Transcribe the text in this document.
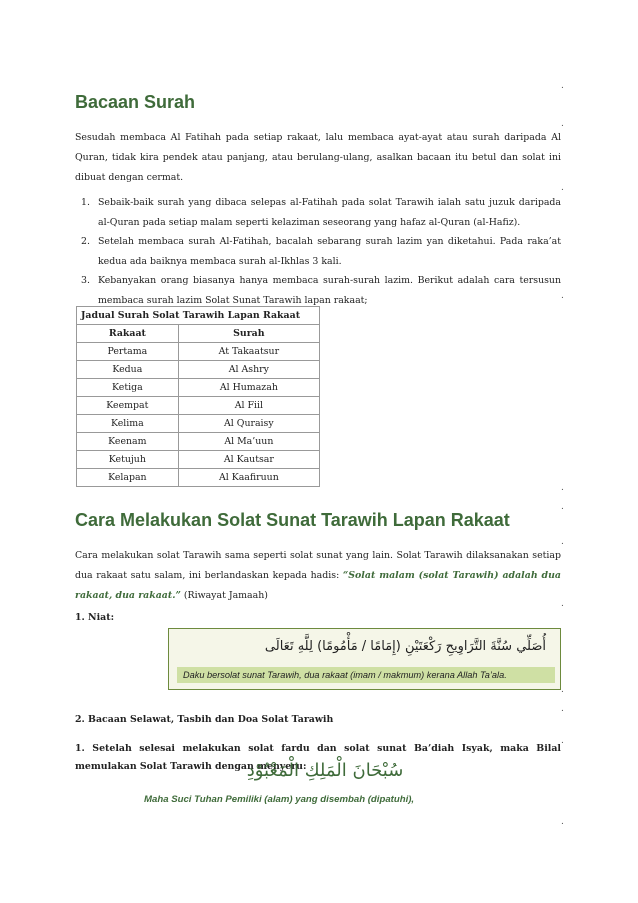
.
.
.
.
.
.
.
.
.
.
.
.
Bacaan Surah
Sesudah membaca Al Fatihah pada setiap rakaat, lalu membaca ayat-ayat atau surah daripada Al Quran, tidak kira pendek atau panjang, atau berulang-ulang, asalkan bacaan itu betul dan solat ini dibuat dengan cermat.
1. Sebaik-baik surah yang dibaca selepas al-Fatihah pada solat Tarawih ialah satu juzuk daripada al-Quran pada setiap malam seperti kelaziman seseorang yang hafaz al-Quran (al-Hafiz).
2. Setelah membaca surah Al-Fatihah, bacalah sebarang surah lazim yan diketahui. Pada raka’at kedua ada baiknya membaca surah al-Ikhlas 3 kali.
3. Kebanyakan orang biasanya hanya membaca surah-surah lazim. Berikut adalah cara tersusun membaca surah lazim Solat Sunat Tarawih lapan rakaat;
Jadual Surah Solat Tarawih Lapan Rakaat	
Rakaat	Surah
Pertama	At Takaatsur
Kedua	Al Ashry
Ketiga	Al Humazah
Keempat	Al Fiil
Kelima	Al Quraisy
Keenam	Al Ma’uun
Ketujuh	Al Kautsar
Kelapan	Al Kaafiruun
Cara Melakukan Solat Sunat Tarawih Lapan Rakaat
Cara melakukan solat Tarawih sama seperti solat sunat yang lain. Solat Tarawih dilaksanakan setiap dua rakaat satu salam, ini berlandaskan kepada hadis: “Solat malam (solat Tarawih) adalah dua rakaat, dua rakaat.” (Riwayat Jamaah)
1. Niat:
أُصَلِّي سُنَّةَ التَّرَاوِيحِ رَكْعَتَيْنِ (إِمَامًا / مَأْمُومًا) لِلَّهِ تَعَالَى
Daku bersolat sunat Tarawih, dua rakaat (imam / makmum) kerana Allah Ta’ala.
2. Bacaan Selawat, Tasbih dan Doa Solat Tarawih
1. Setelah selesai melakukan solat fardu dan solat sunat Ba’diah Isyak, maka Bilal memulakan Solat Tarawih dengan menyeru:
سُبْحَانَ الْمَلِكِ الْمَعْبُوْدِ
Maha Suci Tuhan Pemiliki (alam) yang disembah (dipatuhi),
